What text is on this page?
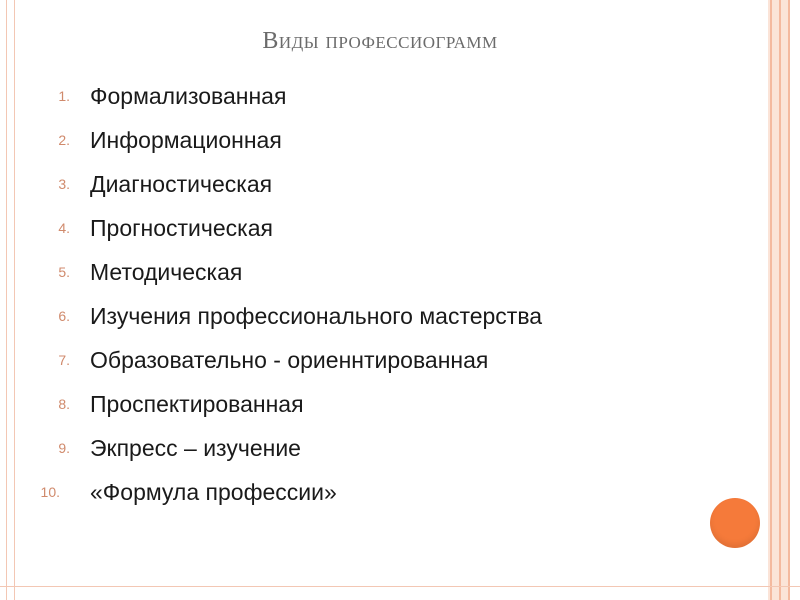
Виды профессиограмм
1. Формализованная
2. Информационная
3. Диагностическая
4. Прогностическая
5. Методическая
6. Изучения профессионального мастерства
7. Образовательно - ориеннтированная
8. Проспектированная
9. Экпресс – изучение
10. «Формула профессии»
